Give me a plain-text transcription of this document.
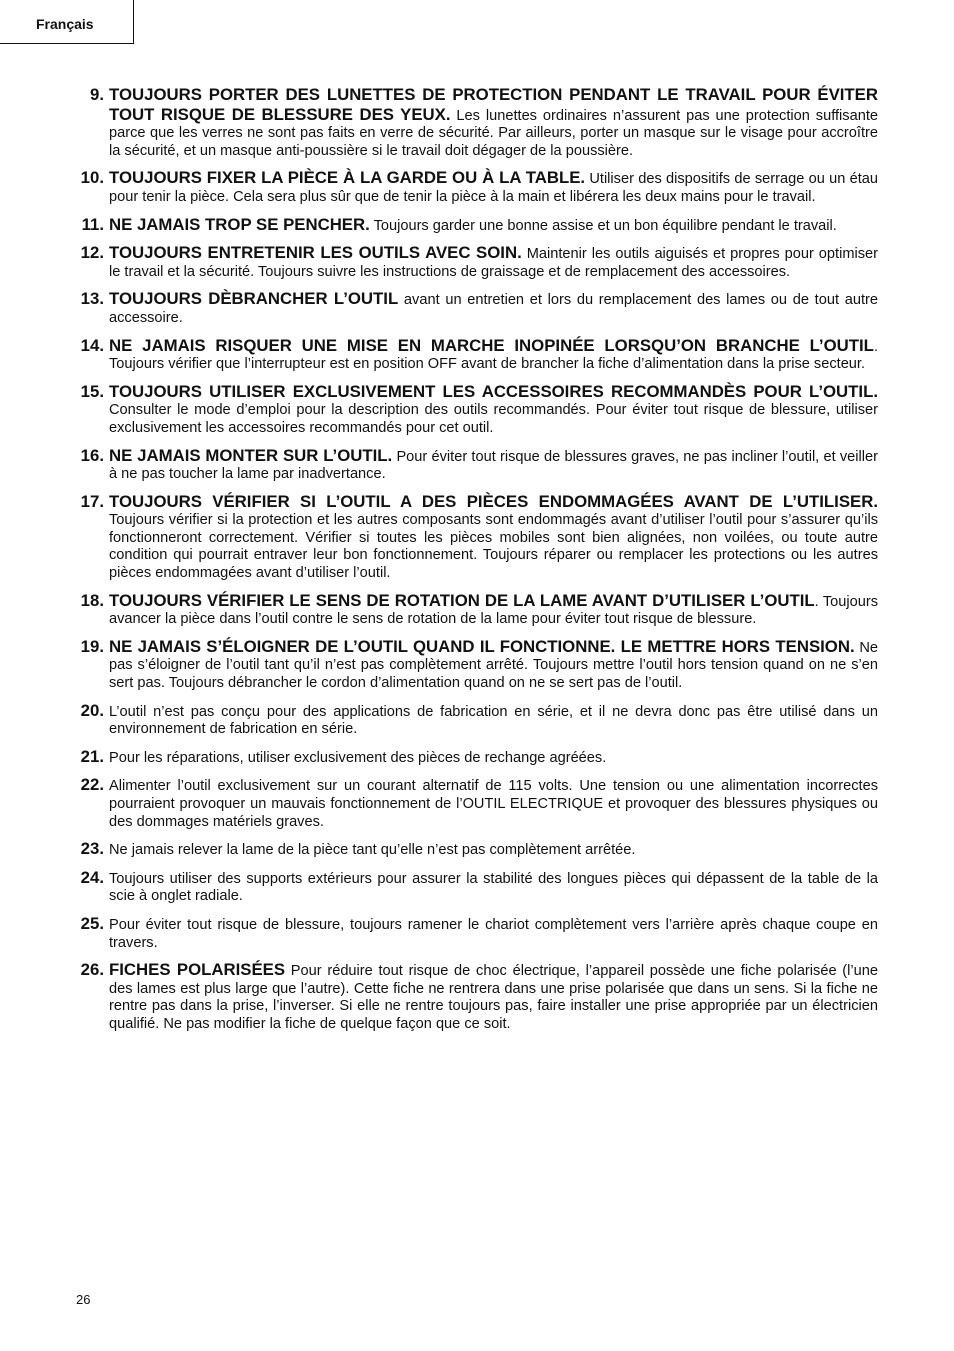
Français
9. TOUJOURS PORTER DES LUNETTES DE PROTECTION PENDANT LE TRAVAIL POUR ÉVITER TOUT RISQUE DE BLESSURE DES YEUX. Les lunettes ordinaires n’assurent pas une protection suffisante parce que les verres ne sont pas faits en verre de sécurité. Par ailleurs, porter un masque sur le visage pour accroître la sécurité, et un masque anti-poussière si le travail doit dégager de la poussière.
10. TOUJOURS FIXER LA PIÈCE À LA GARDE OU À LA TABLE. Utiliser des dispositifs de serrage ou un étau pour tenir la pièce. Cela sera plus sûr que de tenir la pièce à la main et libérera les deux mains pour le travail.
11. NE JAMAIS TROP SE PENCHER. Toujours garder une bonne assise et un bon équilibre pendant le travail.
12. TOUJOURS ENTRETENIR LES OUTILS AVEC SOIN. Maintenir les outils aiguisés et propres pour optimiser le travail et la sécurité. Toujours suivre les instructions de graissage et de remplacement des accessoires.
13. TOUJOURS DÈBRANCHER L’OUTIL avant un entretien et lors du remplacement des lames ou de tout autre accessoire.
14. NE JAMAIS RISQUER UNE MISE EN MARCHE INOPINÉE LORSQU’ON BRANCHE L’OUTIL. Toujours vérifier que l’interrupteur est en position OFF avant de brancher la fiche d’alimentation dans la prise secteur.
15. TOUJOURS UTILISER EXCLUSIVEMENT LES ACCESSOIRES RECOMMANDÈS POUR L’OUTIL. Consulter le mode d’emploi pour la description des outils recommandés. Pour éviter tout risque de blessure, utiliser exclusivement les accessoires recommandés pour cet outil.
16. NE JAMAIS MONTER SUR L’OUTIL. Pour éviter tout risque de blessures graves, ne pas incliner l’outil, et veiller à ne pas toucher la lame par inadvertance.
17. TOUJOURS VÉRIFIER SI L’OUTIL A DES PIÈCES ENDOMMAGÉES AVANT DE L’UTILISER. Toujours vérifier si la protection et les autres composants sont endommagés avant d’utiliser l’outil pour s’assurer qu’ils fonctionneront correctement. Vérifier si toutes les pièces mobiles sont bien alignées, non voilées, ou toute autre condition qui pourrait entraver leur bon fonctionnement. Toujours réparer ou remplacer les protections ou les autres pièces endommagées avant d’utiliser l’outil.
18. TOUJOURS VÉRIFIER LE SENS DE ROTATION DE LA LAME AVANT D’UTILISER L’OUTIL. Toujours avancer la pièce dans l’outil contre le sens de rotation de la lame pour éviter tout risque de blessure.
19. NE JAMAIS S’ÉLOIGNER DE L’OUTIL QUAND IL FONCTIONNE. LE METTRE HORS TENSION. Ne pas s’éloigner de l’outil tant qu’il n’est pas complètement arrêté. Toujours mettre l’outil hors tension quand on ne s’en sert pas. Toujours débrancher le cordon d’alimentation quand on ne se sert pas de l’outil.
20. L’outil n’est pas conçu pour des applications de fabrication en série, et il ne devra donc pas être utilisé dans un environnement de fabrication en série.
21. Pour les réparations, utiliser exclusivement des pièces de rechange agréées.
22. Alimenter l’outil exclusivement sur un courant alternatif de 115 volts. Une tension ou une alimentation incorrectes pourraient provoquer un mauvais fonctionnement de l’OUTIL ELECTRIQUE et provoquer des blessures physiques ou des dommages matériels graves.
23. Ne jamais relever la lame de la pièce tant qu’elle n’est pas complètement arrêtée.
24. Toujours utiliser des supports extérieurs pour assurer la stabilité des longues pièces qui dépassent de la table de la scie à onglet radiale.
25. Pour éviter tout risque de blessure, toujours ramener le chariot complètement vers l’arrière après chaque coupe en travers.
26. FICHES POLARISÉES Pour réduire tout risque de choc électrique, l’appareil possède une fiche polarisée (l’une des lames est plus large que l’autre). Cette fiche ne rentrera dans une prise polarisée que dans un sens. Si la fiche ne rentre pas dans la prise, l’inverser. Si elle ne rentre toujours pas, faire installer une prise appropriée par un électricien qualifié. Ne pas modifier la fiche de quelque façon que ce soit.
26
